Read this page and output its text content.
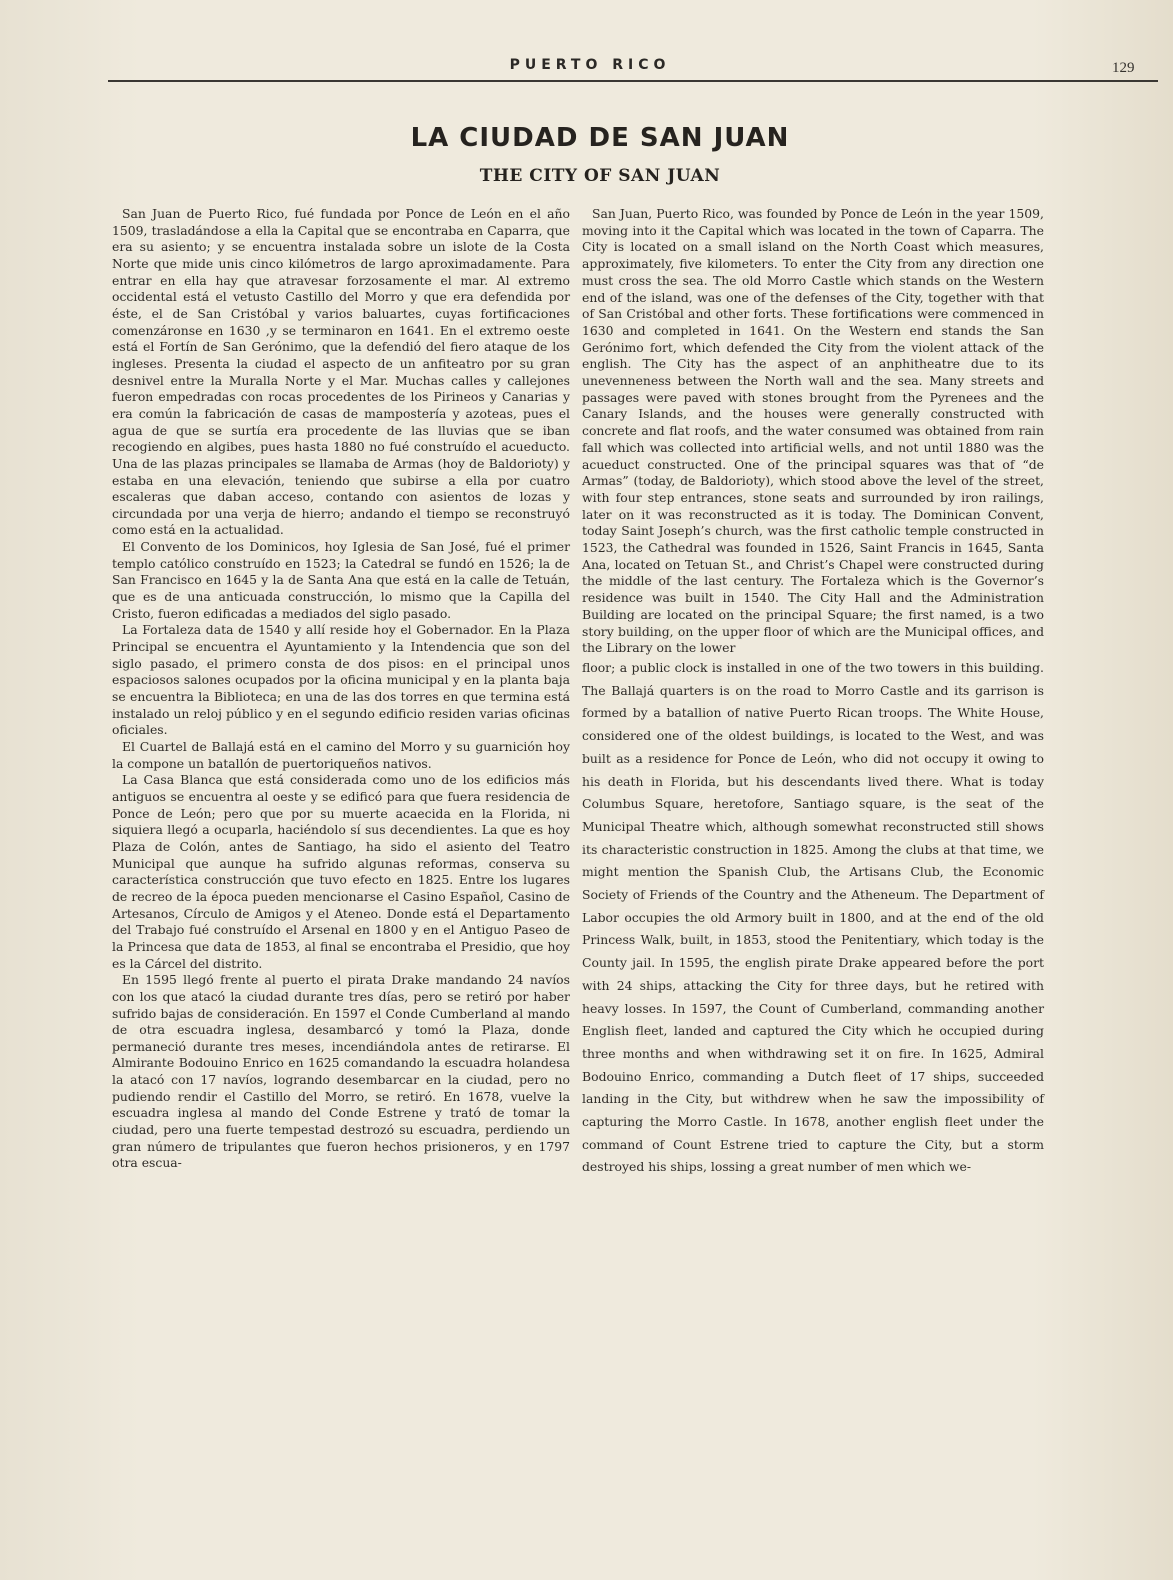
PUERTO RICO	129
LA CIUDAD DE SAN JUAN
THE CITY OF SAN JUAN

San Juan de Puerto Rico, fué fundada por Ponce de León en el año 1509, trasladándose a ella la Capital que se encontraba en Caparra, que era su asiento; y se encuentra instalada sobre un islote de la Costa Norte que mide unis cinco kilómetros de largo aproximadamente. Para entrar en ella hay que atravesar forzosamente el mar. Al extremo occidental está el vetusto Castillo del Morro y que era defendida por éste, el de San Cristóbal y varios baluartes, cuyas fortificaciones comenzáronse en 1630 ,y se terminaron en 1641. En el extremo oeste está el Fortín de San Gerónimo, que la defendió del fiero ataque de los ingleses. Presenta la ciudad el aspecto de un anfiteatro por su gran desnivel entre la Muralla Norte y el Mar. Muchas calles y callejones fueron empedradas con rocas procedentes de los Pirineos y Canarias y era común la fabricación de casas de mampostería y azoteas, pues el agua de que se surtía era procedente de las lluvias que se iban recogiendo en algibes, pues hasta 1880 no fué construído el acueducto. Una de las plazas principales se llamaba de Armas (hoy de Baldorioty) y estaba en una elevación, teniendo que subirse a ella por cuatro escaleras que daban acceso, contando con asientos de lozas y circundada por una verja de hierro; andando el tiempo se reconstruyó como está en la actualidad.

El Convento de los Dominicos, hoy Iglesia de San José, fué el primer templo católico construído en 1523; la Catedral se fundó en 1526; la de San Francisco en 1645 y la de Santa Ana que está en la calle de Tetuán, que es de una anticuada construcción, lo mismo que la Capilla del Cristo, fueron edificadas a mediados del siglo pasado.

La Fortaleza data de 1540 y allí reside hoy el Gobernador. En la Plaza Principal se encuentra el Ayuntamiento y la Intendencia que son del siglo pasado, el primero consta de dos pisos: en el principal unos espaciosos salones ocupados por la oficina municipal y en la planta baja se encuentra la Biblioteca; en una de las dos torres en que termina está instalado un reloj público y en el segundo edificio residen varias oficinas oficiales.

El Cuartel de Ballajá está en el camino del Morro y su guarnición hoy la compone un batallón de puertoriqueños nativos.

La Casa Blanca que está considerada como uno de los edificios más antiguos se encuentra al oeste y se edificó para que fuera residencia de Ponce de León; pero que por su muerte acaecida en la Florida, ni siquiera llegó a ocuparla, haciéndolo sí sus decendientes. La que es hoy Plaza de Colón, antes de Santiago, ha sido el asiento del Teatro Municipal que aunque ha sufrido algunas reformas, conserva su característica construcción que tuvo efecto en 1825. Entre los lugares de recreo de la época pueden mencionarse el Casino Español, Casino de Artesanos, Círculo de Amigos y el Ateneo. Donde está el Departamento del Trabajo fué construído el Arsenal en 1800 y en el Antiguo Paseo de la Princesa que data de 1853, al final se encontraba el Presidio, que hoy es la Cárcel del distrito.

En 1595 llegó frente al puerto el pirata Drake mandando 24 navíos con los que atacó la ciudad durante tres días, pero se retiró por haber sufrido bajas de consideración. En 1597 el Conde Cumberland al mando de otra escuadra inglesa, desambarcó y tomó la Plaza, donde permaneció durante tres meses, incendiándola antes de retirarse. El Almirante Bodouino Enrico en 1625 comandando la escuadra holandesa la atacó con 17 navíos, logrando desembarcar en la ciudad, pero no pudiendo rendir el Castillo del Morro, se retiró. En 1678, vuelve la escuadra inglesa al mando del Conde Estrene y trató de tomar la ciudad, pero una fuerte tempestad destrozó su escuadra, perdiendo un gran número de tripulantes que fueron hechos prisioneros, y en 1797 otra escua-

San Juan, Puerto Rico, was founded by Ponce de León in the year 1509, moving into it the Capital which was located in the town of Caparra. The City is located on a small island on the North Coast which measures, approximately, five kilometers. To enter the City from any direction one must cross the sea. The old Morro Castle which stands on the Western end of the island, was one of the defenses of the City, together with that of San Cristóbal and other forts. These fortifications were commenced in 1630 and completed in 1641. On the Western end stands the San Gerónimo fort, which defended the City from the violent attack of the english. The City has the aspect of an anphitheatre due to its unevenneness between the North wall and the sea. Many streets and passages were paved with stones brought from the Pyrenees and the Canary Islands, and the houses were generally constructed with concrete and flat roofs, and the water consumed was obtained from rain fall which was collected into artificial wells, and not until 1880 was the acueduct constructed. One of the principal squares was that of “de Armas” (today, de Baldorioty), which stood above the level of the street, with four step entrances, stone seats and surrounded by iron railings, later on it was reconstructed as it is today. The Dominican Convent, today Saint Joseph’s church, was the first catholic temple constructed in 1523, the Cathedral was founded in 1526, Saint Francis in 1645, Santa Ana, located on Tetuan St., and Christ’s Chapel were constructed during the middle of the last century. The Fortaleza which is the Governor’s residence was built in 1540. The City Hall and the Administration Building are located on the principal Square; the first named, is a two story building, on the upper floor of which are the Municipal offices, and the Library on the lower

floor; a public clock is installed in one of the two towers in this building. The Ballajá quarters is on the road to Morro Castle and its garrison is formed by a batallion of native Puerto Rican troops. The White House, considered one of the oldest buildings, is located to the West, and was built as a residence for Ponce de León, who did not occupy it owing to his death in Florida, but his descendants lived there. What is today Columbus Square, heretofore, Santiago square, is the seat of the Municipal Theatre which, although somewhat reconstructed still shows its characteristic construction in 1825. Among the clubs at that time, we might mention the Spanish Club, the Artisans Club, the Economic Society of Friends of the Country and the Atheneum. The Department of Labor occupies the old Armory built in 1800, and at the end of the old Princess Walk, built, in 1853, stood the Penitentiary, which today is the County jail. In 1595, the english pirate Drake appeared before the port with 24 ships, attacking the City for three days, but he retired with heavy losses. In 1597, the Count of Cumberland, commanding another English fleet, landed and captured the City which he occupied during three months and when withdrawing set it on fire. In 1625, Admiral Bodouino Enrico, commanding a Dutch fleet of 17 ships, succeeded landing in the City, but withdrew when he saw the impossibility of capturing the Morro Castle. In 1678, another english fleet under the command of Count Estrene tried to capture the City, but a storm destroyed his ships, lossing a great number of men which we-
